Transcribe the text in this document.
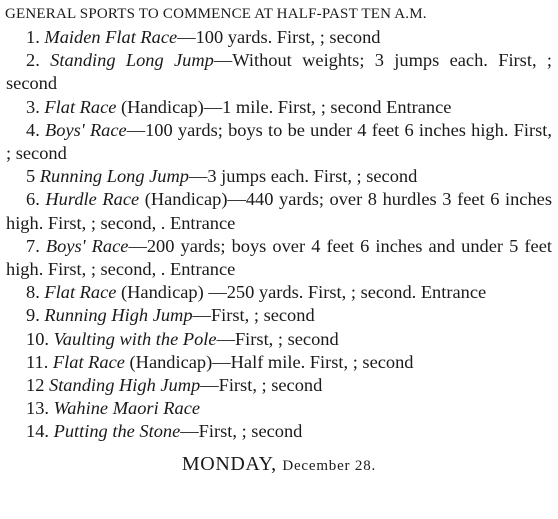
GENERAL SPORTS TO COMMENCE AT HALF-PAST TEN A.M.

1. Maiden Flat Race—100 yards. First, ; second

2. Standing Long Jump—Without weights; 3 jumps each. First, ; second

3. Flat Race (Handicap)—1 mile. First, ; second Entrance

4. Boys' Race—100 yards; boys to be under 4 feet 6 inches high. First, ; second

5 Running Long Jump—3 jumps each. First, ; second

6. Hurdle Race (Handicap)—440 yards; over 8 hurdles 3 feet 6 inches high. First, ; second, . Entrance

7. Boys' Race—200 yards; boys over 4 feet 6 inches and under 5 feet high. First, ; second, . Entrance

8. Flat Race (Handicap) —250 yards. First, ; second. Entrance

9. Running High Jump—First, ; second

10. Vaulting with the Pole—First, ; second

11. Flat Race (Handicap)—Half mile. First, ; second

12 Standing High Jump—First, ; second

13. Wahine Maori Race

14. Putting the Stone—First, ; second

MONDAY, December 28.
